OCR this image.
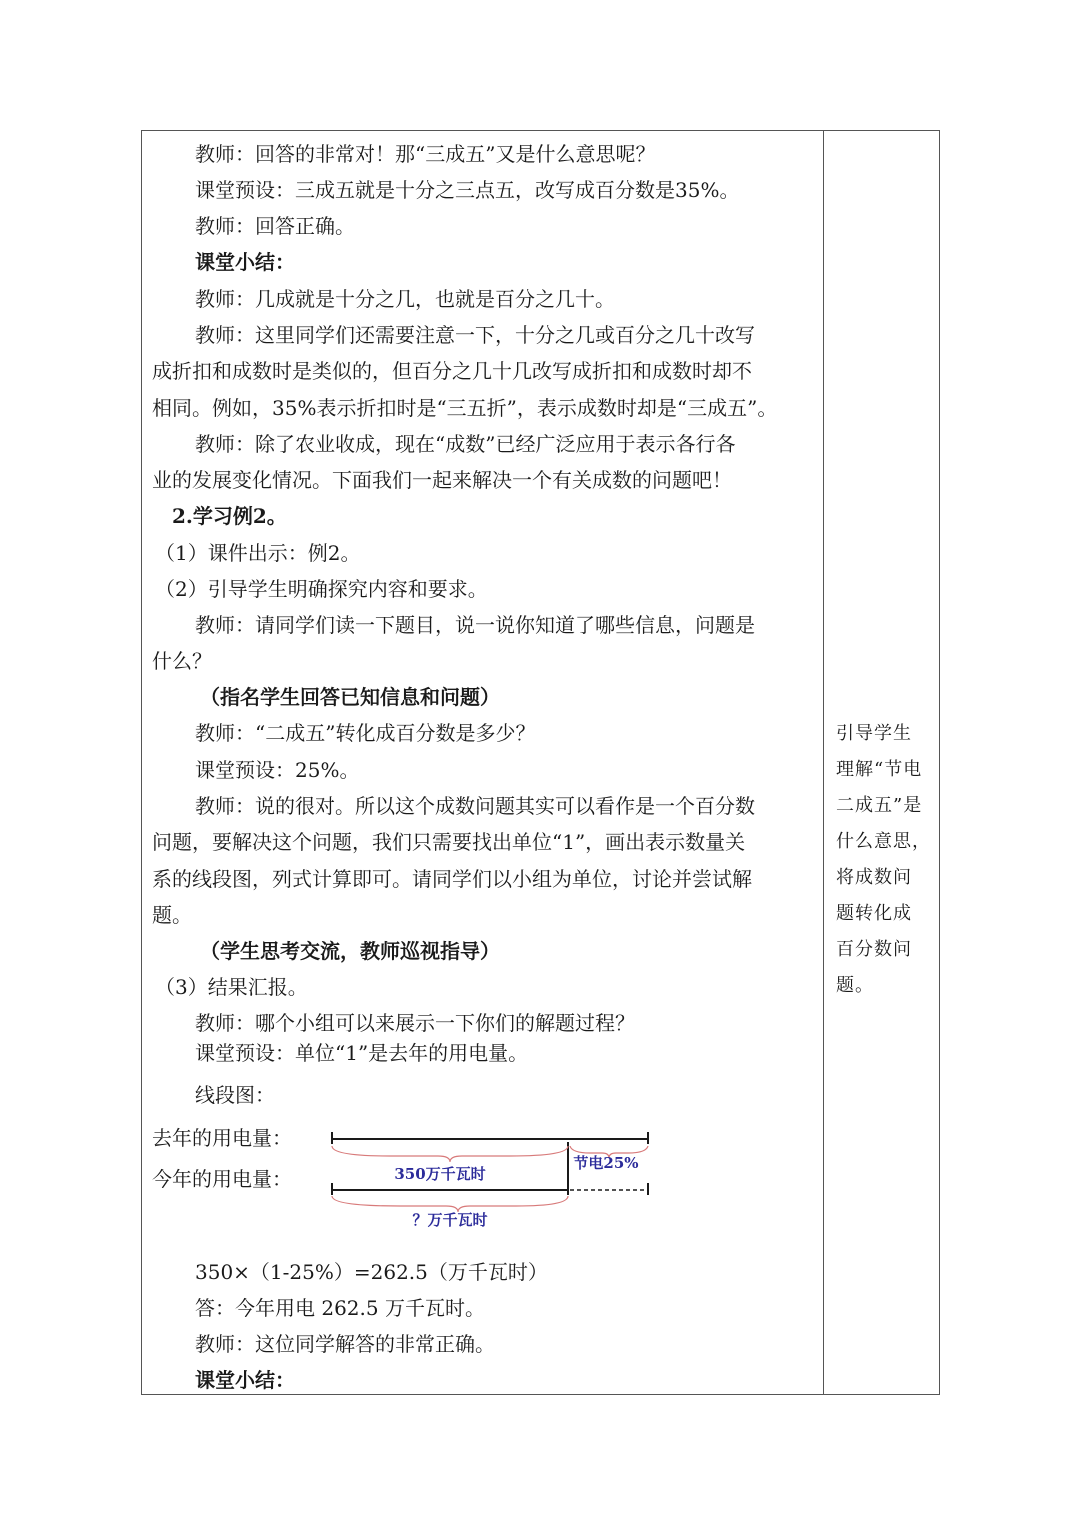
教师：回答的非常对！那“三成五”又是什么意思呢？
课堂预设：三成五就是十分之三点五，改写成百分数是35%。
教师：回答正确。
课堂小结：
教师：几成就是十分之几，也就是百分之几十。
教师：这里同学们还需要注意一下，十分之几或百分之几十改写
成折扣和成数时是类似的，但百分之几十几改写成折扣和成数时却不
相同。例如，35%表示折扣时是“三五折”，表示成数时却是“三成五”。
教师：除了农业收成，现在“成数”已经广泛应用于表示各行各
业的发展变化情况。下面我们一起来解决一个有关成数的问题吧！
2.学习例2。
（1）课件出示：例2。
（2）引导学生明确探究内容和要求。
教师：请同学们读一下题目，说一说你知道了哪些信息，问题是
什么？
（指名学生回答已知信息和问题）
教师：“二成五”转化成百分数是多少？
课堂预设：25%。
教师：说的很对。所以这个成数问题其实可以看作是一个百分数
问题，要解决这个问题，我们只需要找出单位“1”，画出表示数量关
系的线段图，列式计算即可。请同学们以小组为单位，讨论并尝试解
题。
（学生思考交流，教师巡视指导）
（3）结果汇报。
教师：哪个小组可以来展示一下你们的解题过程？
课堂预设：单位“1”是去年的用电量。
线段图：
去年的用电量：
今年的用电量：	350万千瓦时
节电25%
？万千瓦时
350×（1-25%）=262.5（万千瓦时）
答：今年用电 262.5 万千瓦时。
教师：这位同学解答的非常正确。
课堂小结：
引导学生
理解“节电
二成五”是
什么意思，
将成数问
题转化成
百分数问
题。
